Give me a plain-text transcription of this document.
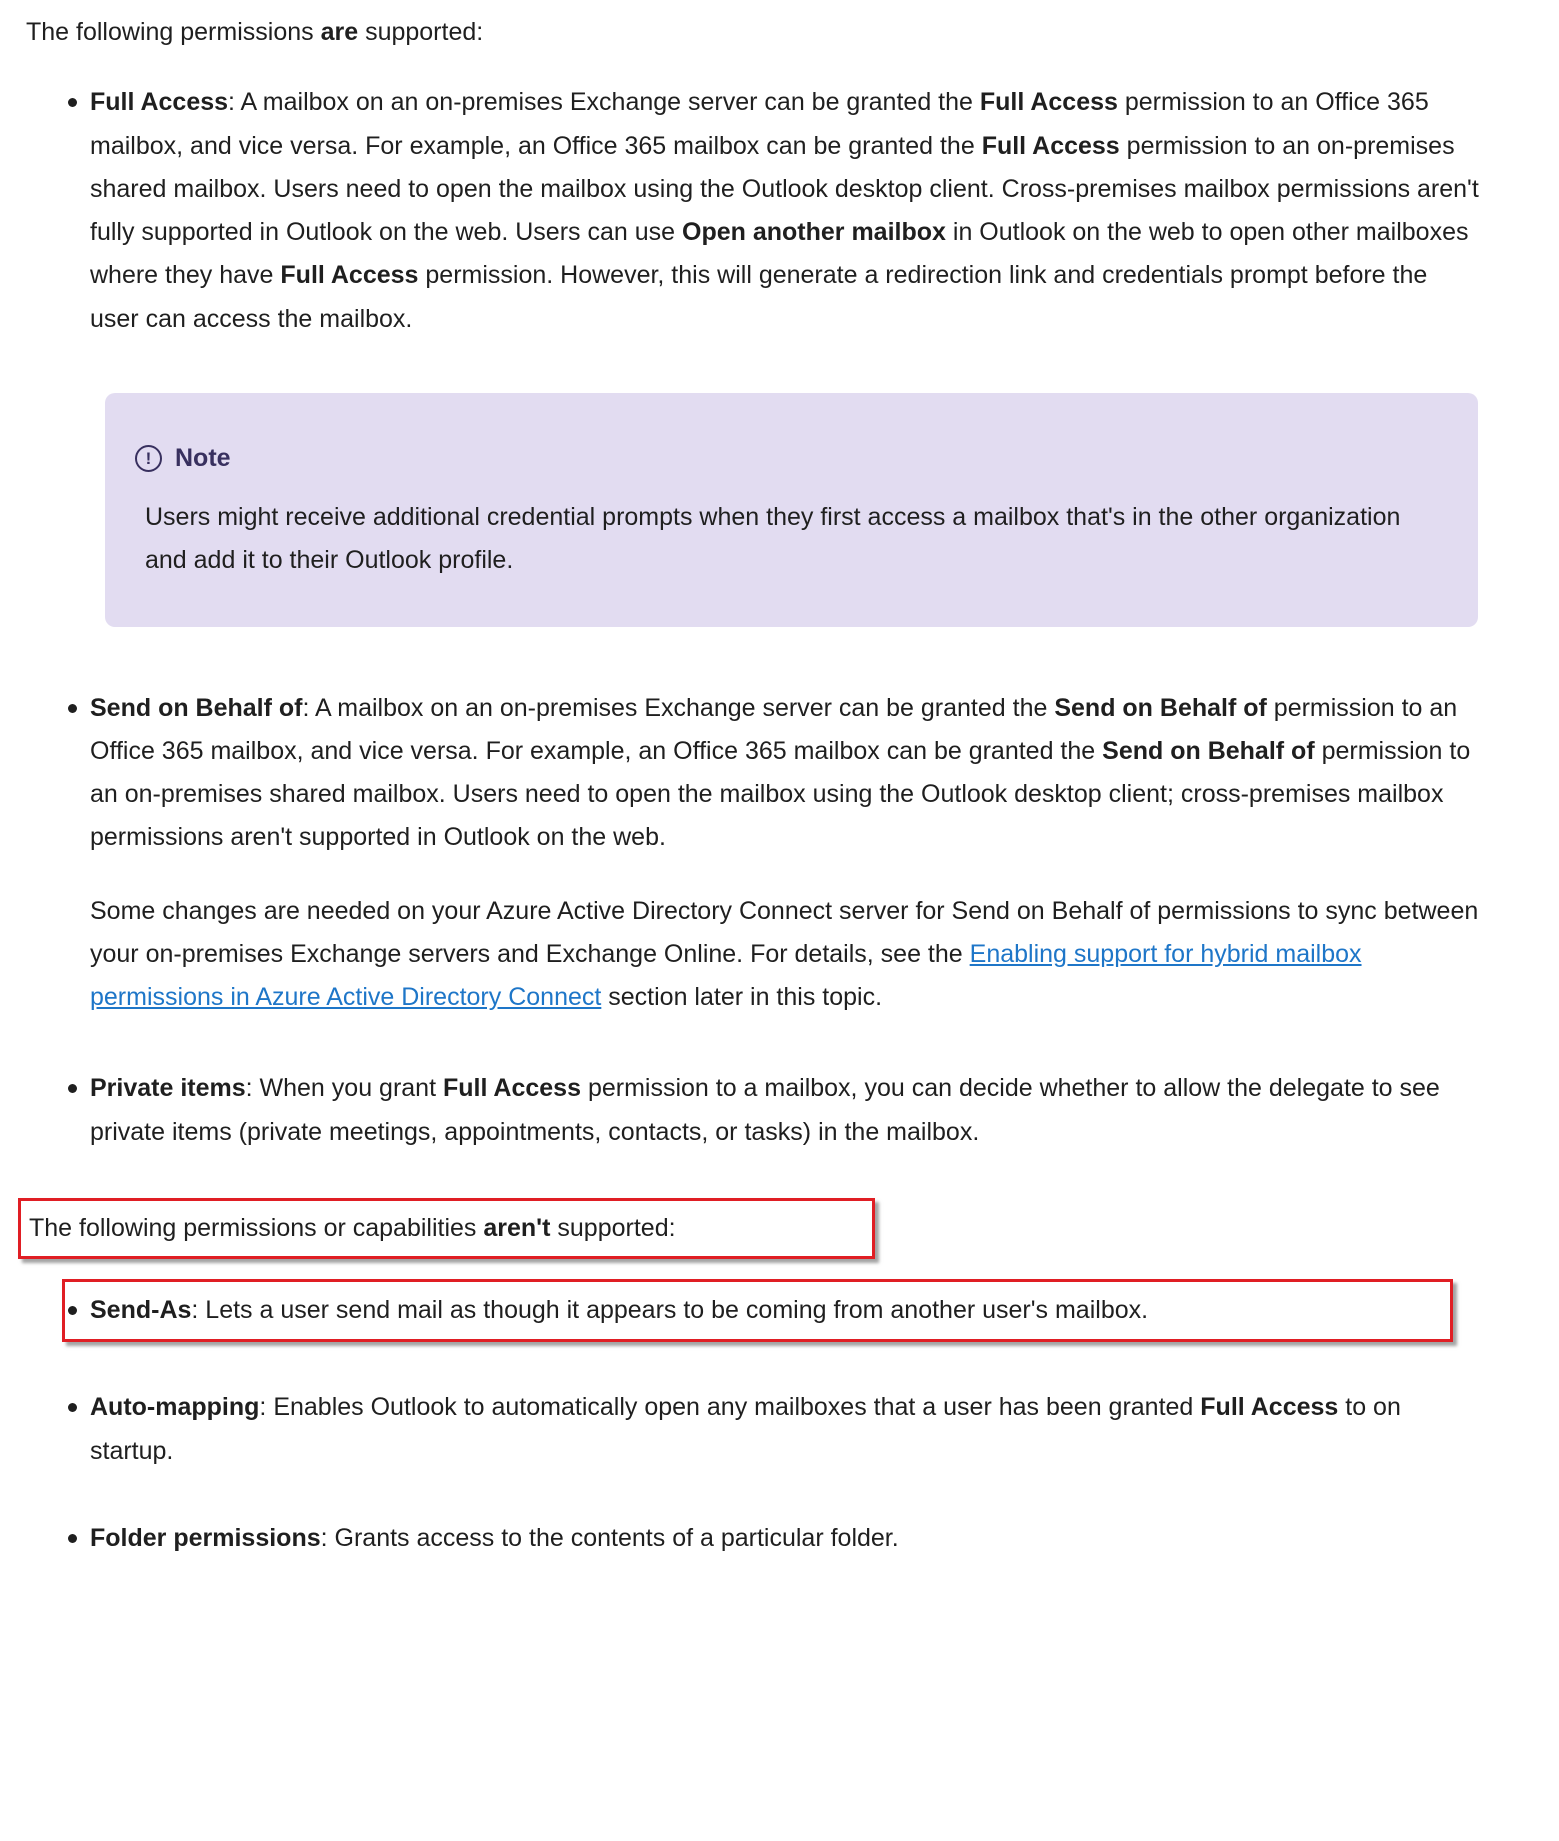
The following permissions are supported:

Full Access: A mailbox on an on-premises Exchange server can be granted the Full Access permission to an Office 365 mailbox, and vice versa. For example, an Office 365 mailbox can be granted the Full Access permission to an on-premises shared mailbox. Users need to open the mailbox using the Outlook desktop client. Cross-premises mailbox permissions aren't fully supported in Outlook on the web. Users can use Open another mailbox in Outlook on the web to open other mailboxes where they have Full Access permission. However, this will generate a redirection link and credentials prompt before the user can access the mailbox.

! Note

Users might receive additional credential prompts when they first access a mailbox that's in the other organization and add it to their Outlook profile.

Send on Behalf of: A mailbox on an on-premises Exchange server can be granted the Send on Behalf of permission to an Office 365 mailbox, and vice versa. For example, an Office 365 mailbox can be granted the Send on Behalf of permission to an on-premises shared mailbox. Users need to open the mailbox using the Outlook desktop client; cross-premises mailbox permissions aren't supported in Outlook on the web.

Some changes are needed on your Azure Active Directory Connect server for Send on Behalf of permissions to sync between your on-premises Exchange servers and Exchange Online. For details, see the Enabling support for hybrid mailbox permissions in Azure Active Directory Connect section later in this topic.

Private items: When you grant Full Access permission to a mailbox, you can decide whether to allow the delegate to see private items (private meetings, appointments, contacts, or tasks) in the mailbox.

The following permissions or capabilities aren't supported:

Send-As: Lets a user send mail as though it appears to be coming from another user's mailbox.

Auto-mapping: Enables Outlook to automatically open any mailboxes that a user has been granted Full Access to on startup.

Folder permissions: Grants access to the contents of a particular folder.
